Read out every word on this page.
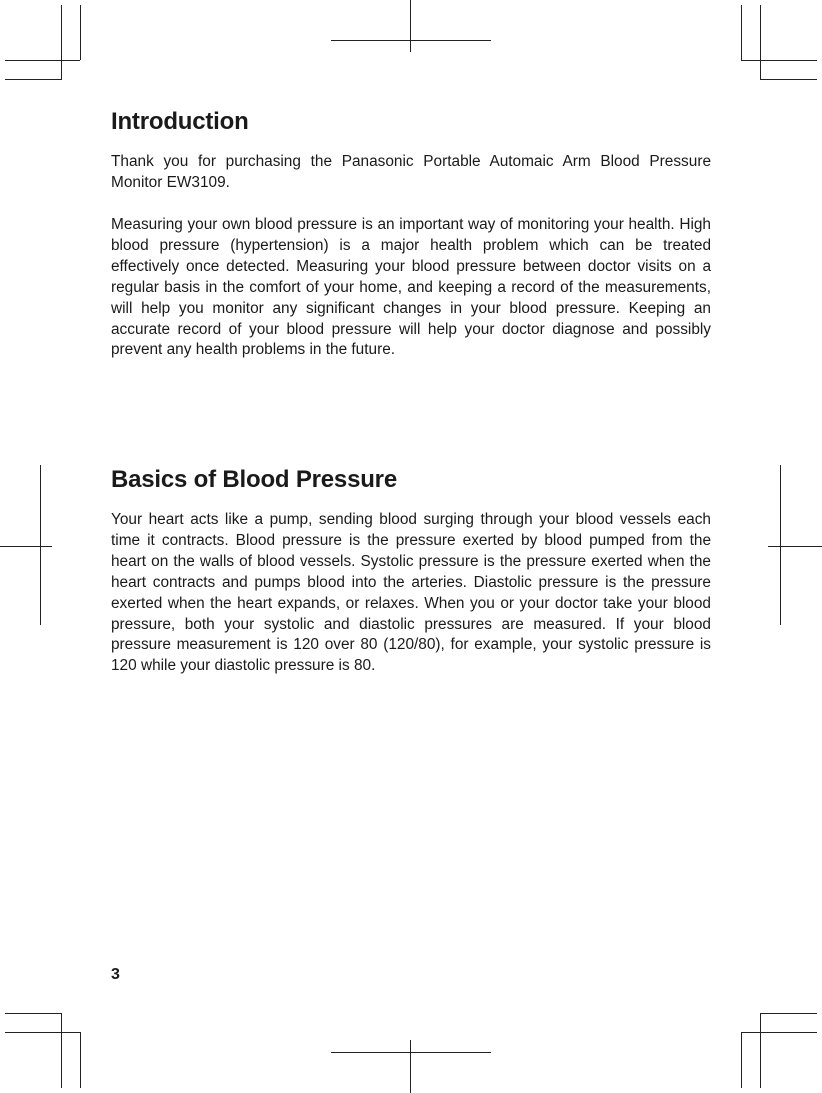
Introduction

Thank you for purchasing the Panasonic Portable Automaic Arm Blood Pressure Monitor EW3109.

Measuring your own blood pressure is an important way of monitoring your health. High blood pressure (hypertension) is a major health problem which can be treated effectively once detected. Measuring your blood pressure between doctor visits on a regular basis in the comfort of your home, and keeping a record of the measurements, will help you monitor any significant changes in your blood pressure. Keeping an accurate record of your blood pressure will help your doctor diagnose and possibly prevent any health problems in the future.

Basics of Blood Pressure

Your heart acts like a pump, sending blood surging through your blood vessels each time it contracts. Blood pressure is the pressure exerted by blood pumped from the heart on the walls of blood vessels. Systolic pressure is the pressure exerted when the heart contracts and pumps blood into the arteries. Diastolic pressure is the pressure exerted when the heart expands, or relaxes. When you or your doctor take your blood pressure, both your systolic and diastolic pressures are measured. If your blood pressure measurement is 120 over 80 (120/80), for example, your systolic pressure is 120 while your diastolic pressure is 80.

3
